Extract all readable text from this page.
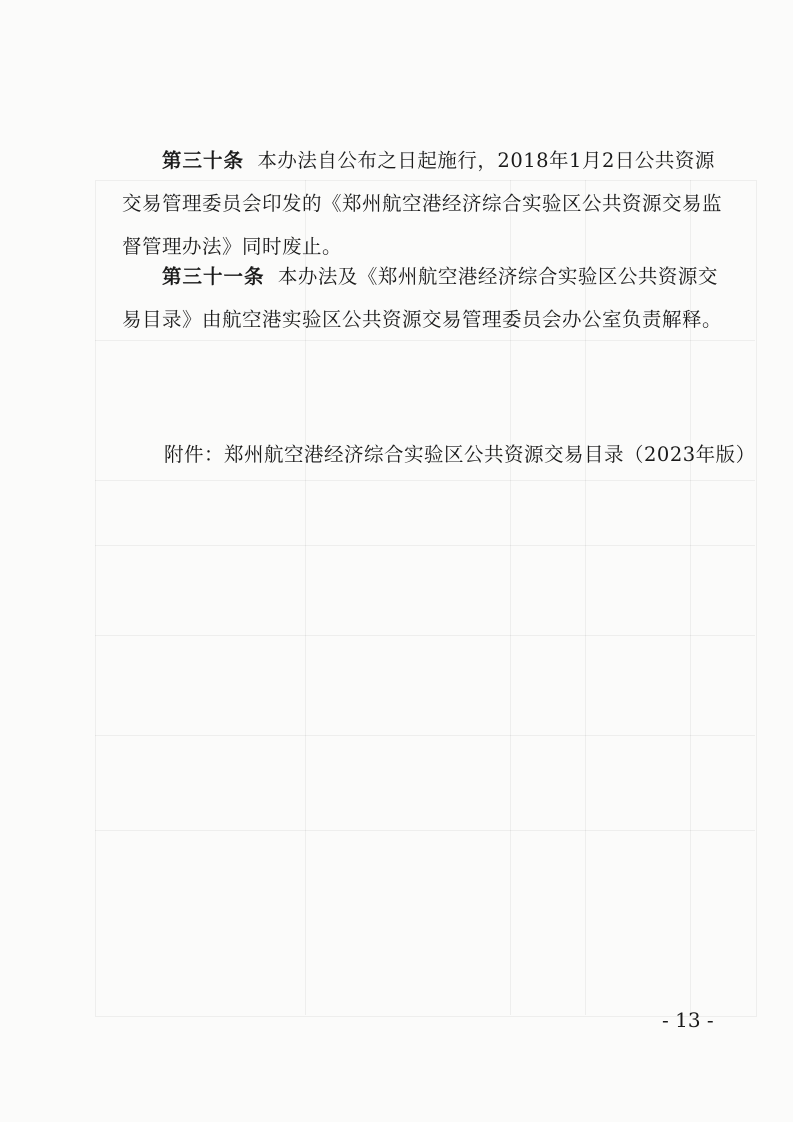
第三十条 本办法自公布之日起施行，2018年1月2日公共资源交易管理委员会印发的《郑州航空港经济综合实验区公共资源交易监督管理办法》同时废止。

第三十一条 本办法及《郑州航空港经济综合实验区公共资源交易目录》由航空港实验区公共资源交易管理委员会办公室负责解释。

附件：郑州航空港经济综合实验区公共资源交易目录（2023年版）

- 13 -
